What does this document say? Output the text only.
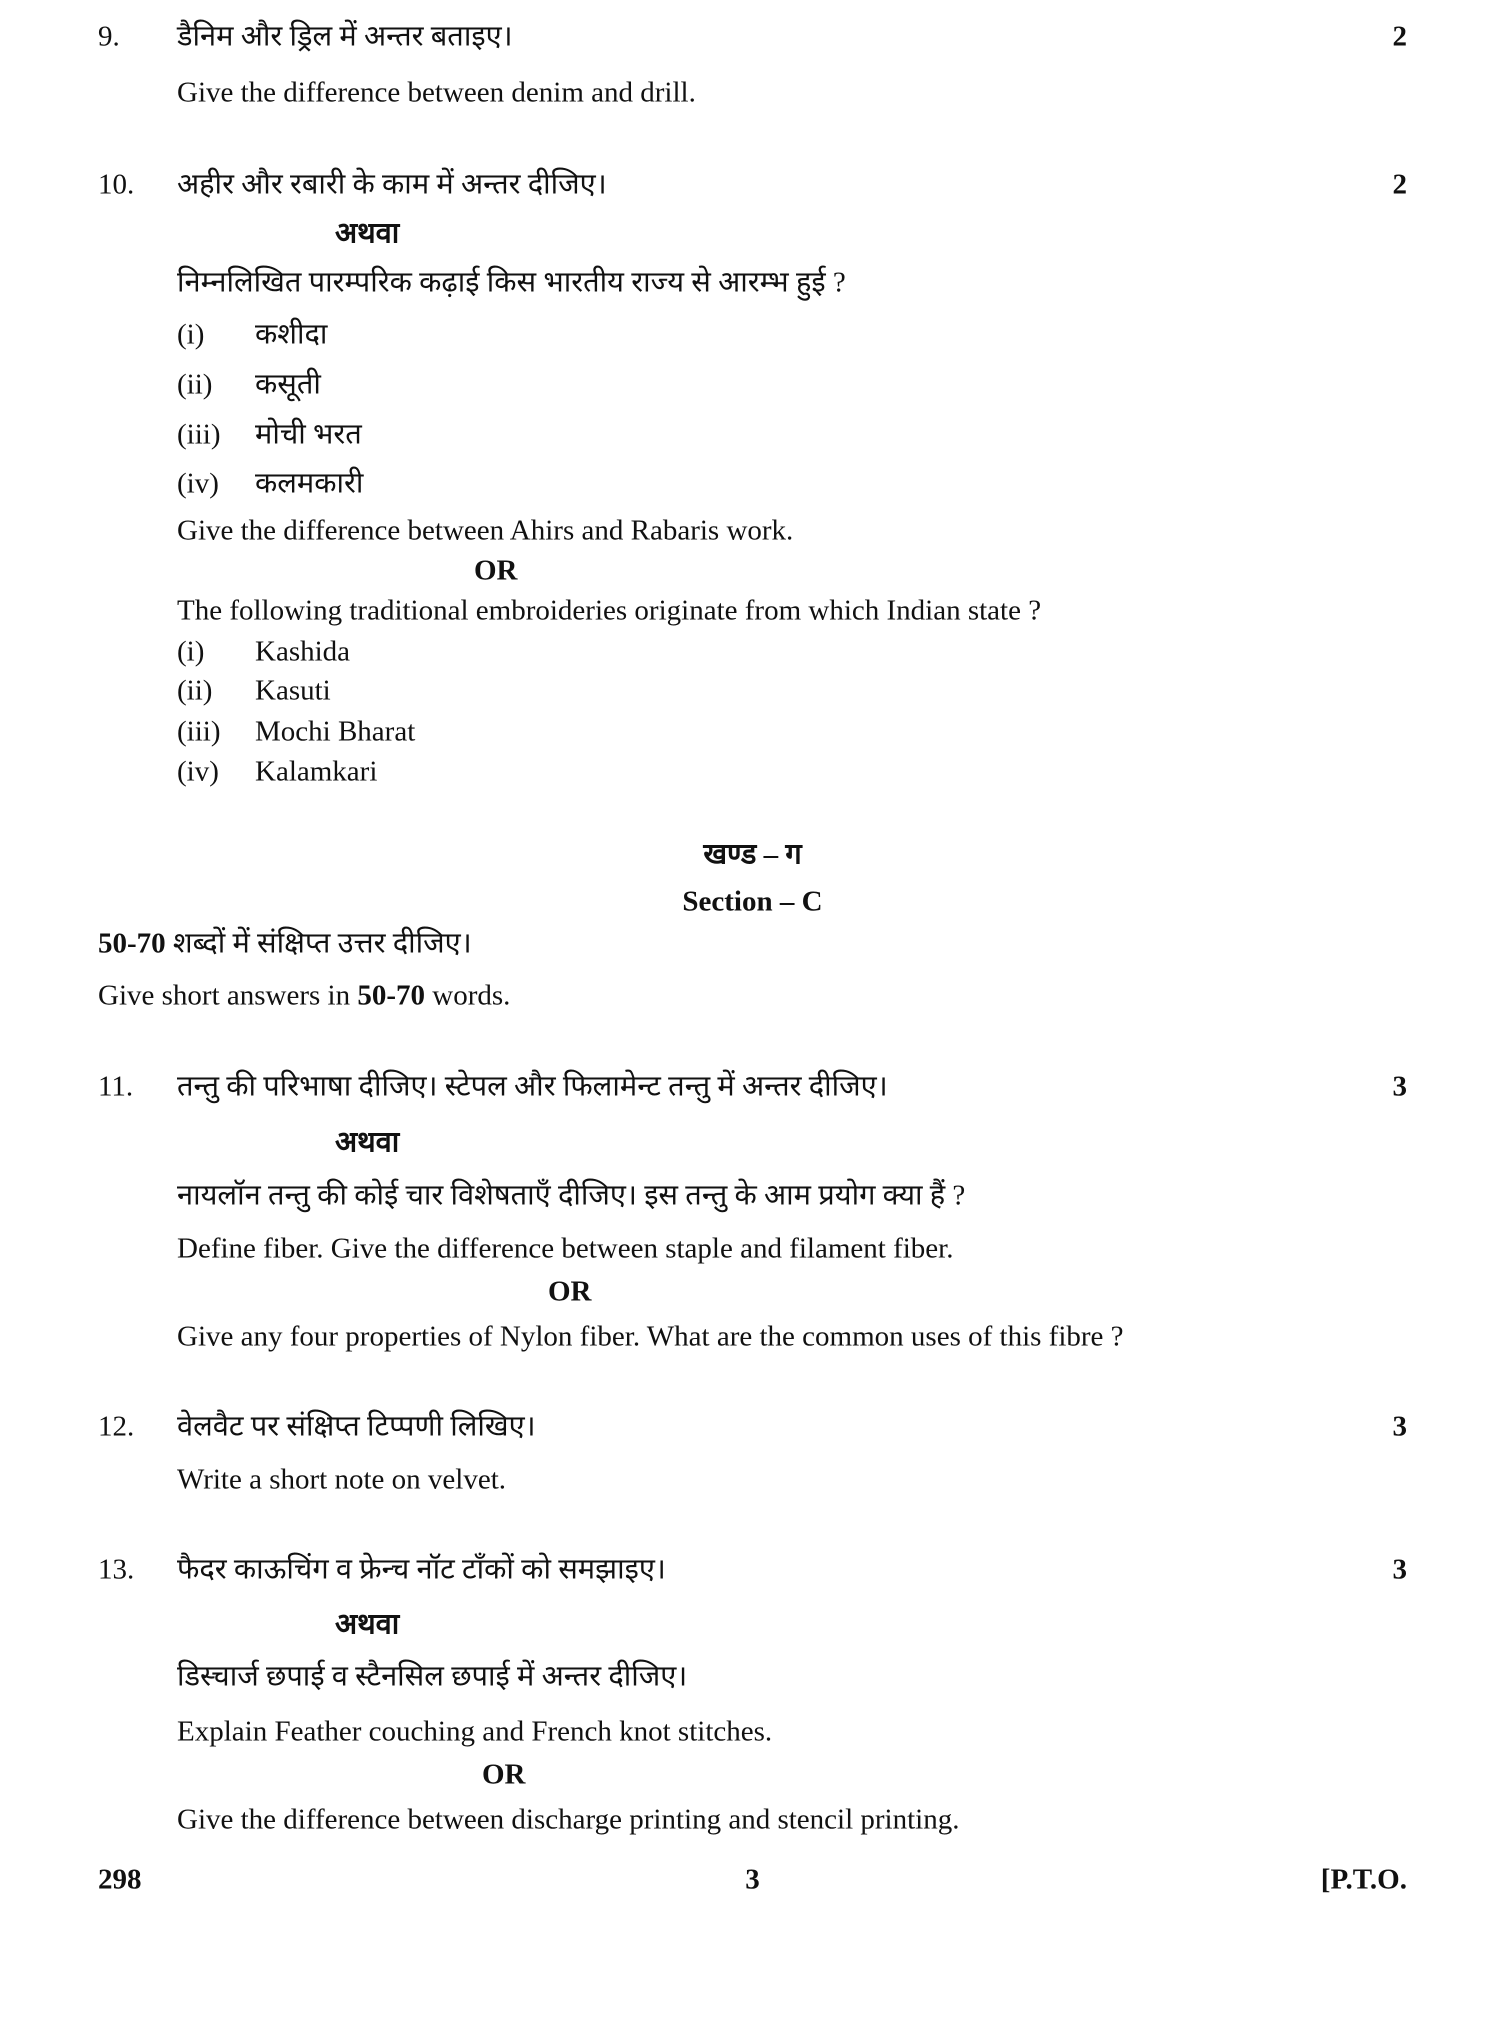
9. डैनिम और ड्रिल में अन्तर बताइए।	2
Give the difference between denim and drill.
10. अहीर और रबारी के काम में अन्तर दीजिए।	2
अथवा
निम्नलिखित पारम्परिक कढ़ाई किस भारतीय राज्य से आरम्भ हुई ?
(i) कशीदा
(ii) कसूती
(iii) मोची भरत
(iv) कलमकारी
Give the difference between Ahirs and Rabaris work.
OR
The following traditional embroideries originate from which Indian state ?
(i) Kashida
(ii) Kasuti
(iii) Mochi Bharat
(iv) Kalamkari
खण्ड – ग
Section – C
50-70 शब्दों में संक्षिप्त उत्तर दीजिए।
Give short answers in 50-70 words.
11. तन्तु की परिभाषा दीजिए। स्टेपल और फिलामेन्ट तन्तु में अन्तर दीजिए।	3
अथवा
नायलॉन तन्तु की कोई चार विशेषताएँ दीजिए। इस तन्तु के आम प्रयोग क्या हैं ?
Define fiber. Give the difference between staple and filament fiber.
OR
Give any four properties of Nylon fiber. What are the common uses of this fibre ?
12. वेलवैट पर संक्षिप्त टिप्पणी लिखिए।	3
Write a short note on velvet.
13. फैदर काऊचिंग व फ्रेन्च नॉट टाँकों को समझाइए।	3
अथवा
डिस्चार्ज छपाई व स्टैनसिल छपाई में अन्तर दीजिए।
Explain Feather couching and French knot stitches.
OR
Give the difference between discharge printing and stencil printing.
298	3	[P.T.O.
